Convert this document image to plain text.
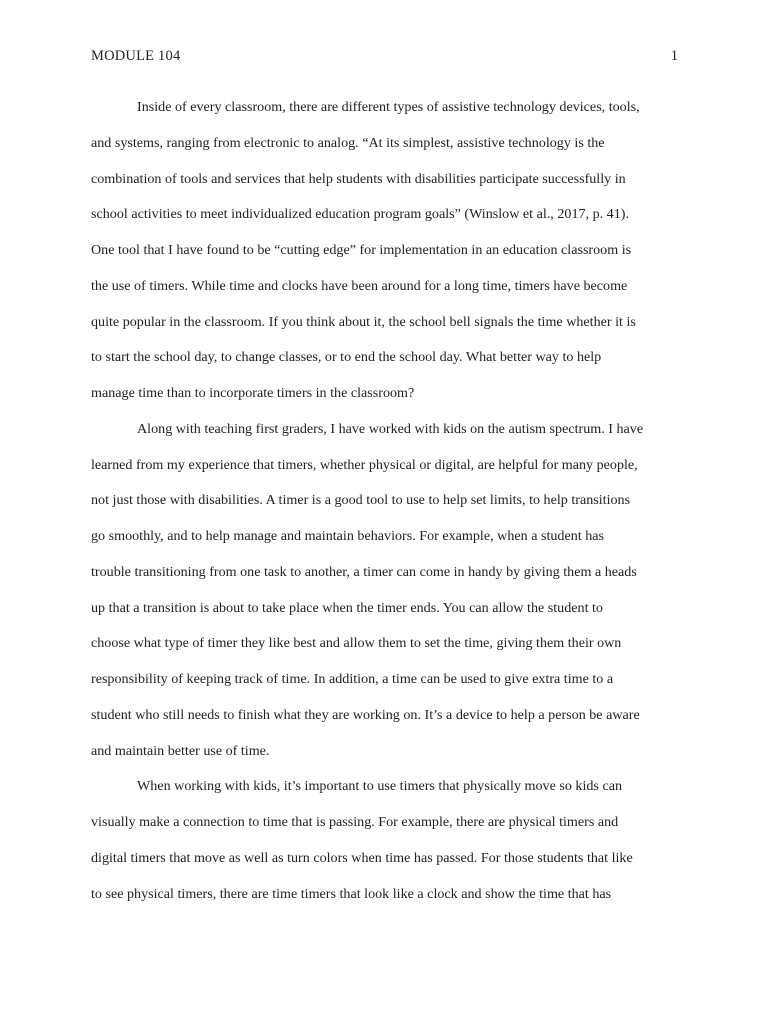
MODULE 104	1
Inside of every classroom, there are different types of assistive technology devices, tools,
and systems, ranging from electronic to analog. “At its simplest, assistive technology is the
combination of tools and services that help students with disabilities participate successfully in
school activities to meet individualized education program goals” (Winslow et al., 2017, p. 41).
One tool that I have found to be “cutting edge” for implementation in an education classroom is
the use of timers. While time and clocks have been around for a long time, timers have become
quite popular in the classroom. If you think about it, the school bell signals the time whether it is
to start the school day, to change classes, or to end the school day. What better way to help
manage time than to incorporate timers in the classroom?
Along with teaching first graders, I have worked with kids on the autism spectrum. I have
learned from my experience that timers, whether physical or digital, are helpful for many people,
not just those with disabilities. A timer is a good tool to use to help set limits, to help transitions
go smoothly, and to help manage and maintain behaviors. For example, when a student has
trouble transitioning from one task to another, a timer can come in handy by giving them a heads
up that a transition is about to take place when the timer ends. You can allow the student to
choose what type of timer they like best and allow them to set the time, giving them their own
responsibility of keeping track of time. In addition, a time can be used to give extra time to a
student who still needs to finish what they are working on. It’s a device to help a person be aware
and maintain better use of time.
When working with kids, it’s important to use timers that physically move so kids can
visually make a connection to time that is passing. For example, there are physical timers and
digital timers that move as well as turn colors when time has passed. For those students that like
to see physical timers, there are time timers that look like a clock and show the time that has
